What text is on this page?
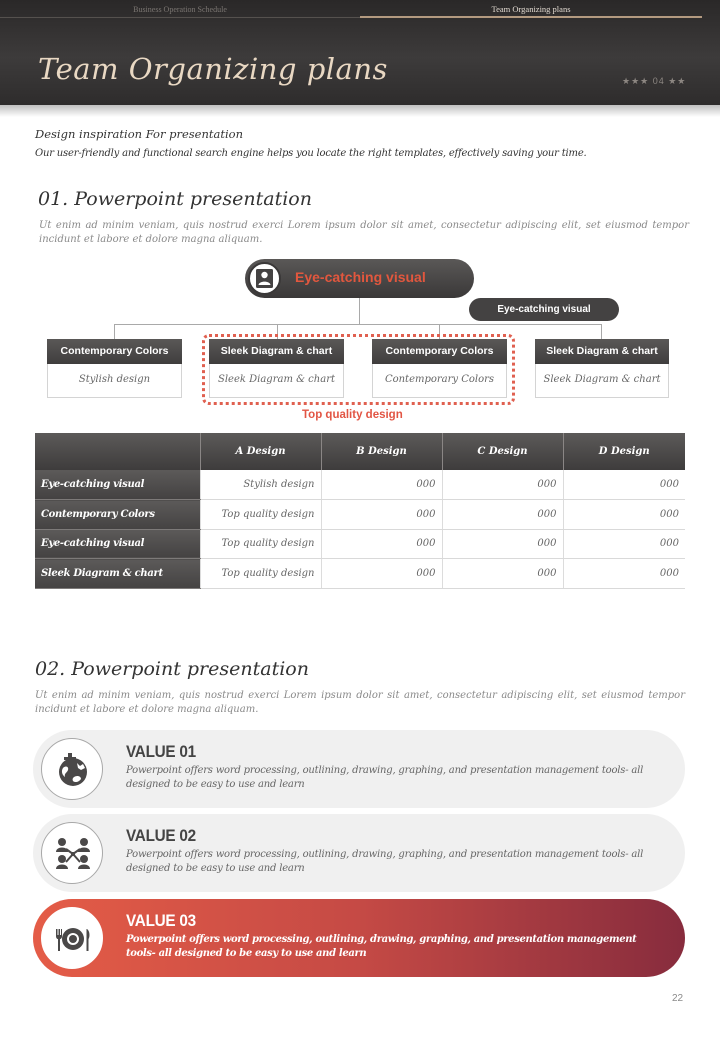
Business Operation Schedule	Team Organizing plans
Team Organizing plans	★★★ 04 ★★
Design inspiration For presentation
Our user-friendly and functional search engine helps you locate the right templates, effectively saving your time.
01. Powerpoint presentation
Ut enim ad minim veniam, quis nostrud exerci Lorem ipsum dolor sit amet, consectetur adipiscing elit, set eiusmod tempor incidunt et labore et dolore magna aliquam.
Eye-catching visual
Eye-catching visual
Contemporary Colors
Stylish design
Sleek Diagram & chart
Sleek Diagram & chart
Contemporary Colors
Contemporary Colors
Sleek Diagram & chart
Sleek Diagram & chart
Top quality design
	A Design	B Design	C Design	D Design
Eye-catching visual	Stylish design	000	000	000
Contemporary Colors	Top quality design	000	000	000
Eye-catching visual	Top quality design	000	000	000
Sleek Diagram & chart	Top quality design	000	000	000
02. Powerpoint presentation
Ut enim ad minim veniam, quis nostrud exerci Lorem ipsum dolor sit amet, consectetur adipiscing elit, set eiusmod tempor incidunt et labore et dolore magna aliquam.
VALUE 01
Powerpoint offers word processing, outlining, drawing, graphing, and presentation management tools- all designed to be easy to use and learn
VALUE 02
Powerpoint offers word processing, outlining, drawing, graphing, and presentation management tools- all designed to be easy to use and learn
VALUE 03
Powerpoint offers word processing, outlining, drawing, graphing, and presentation management tools- all designed to be easy to use and learn
22
